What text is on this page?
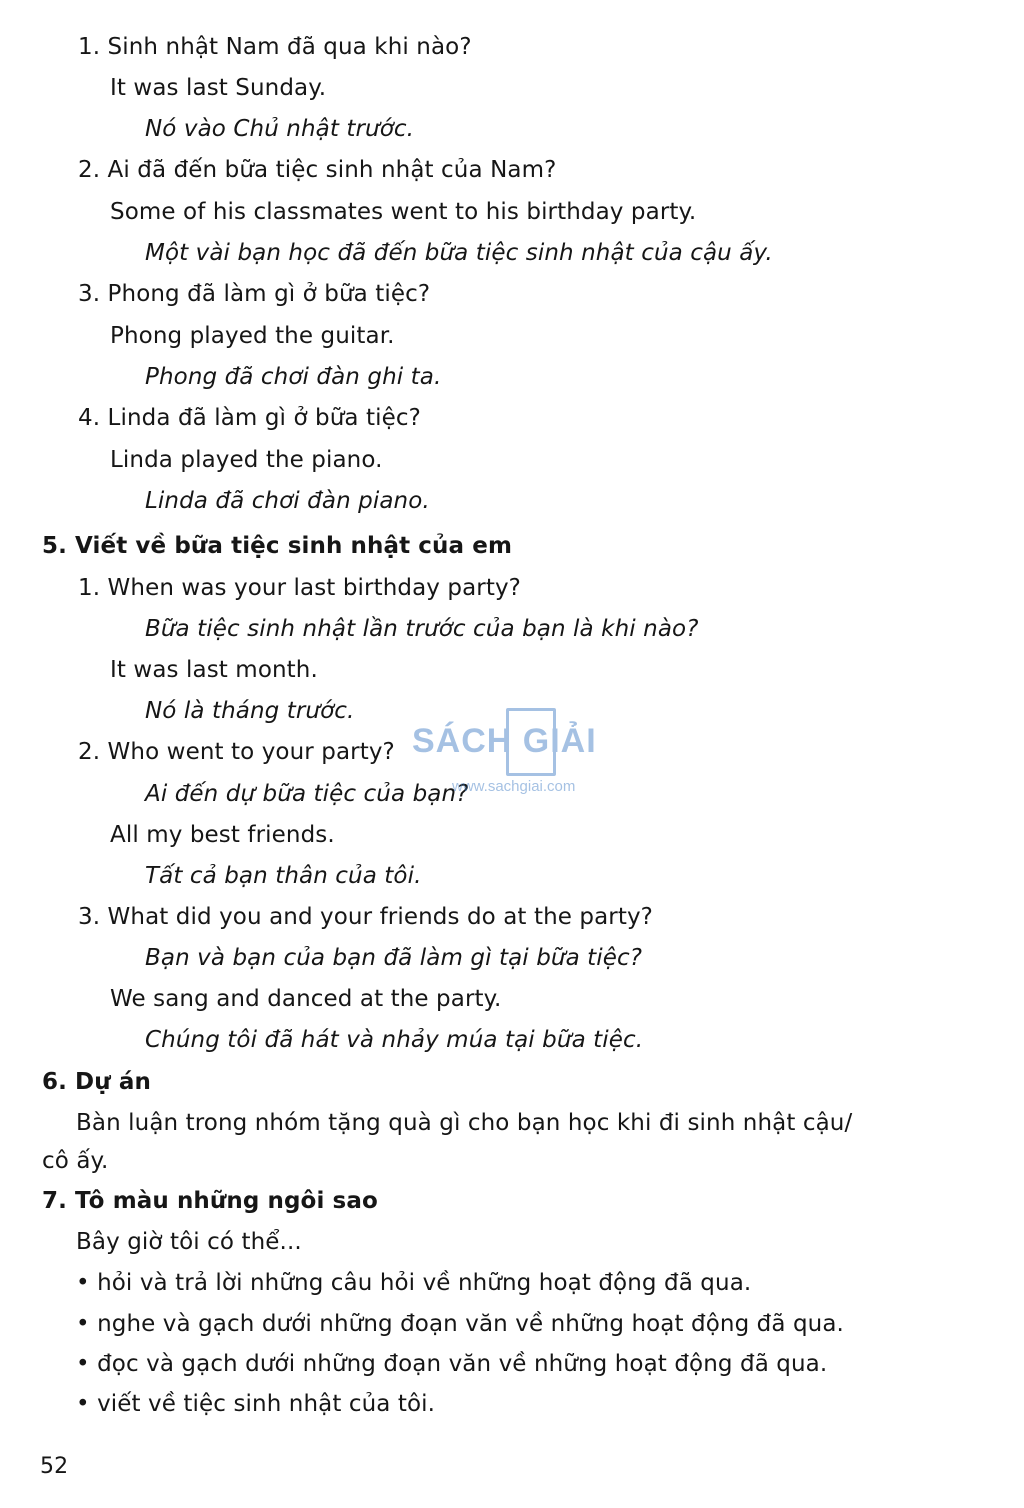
1. Sinh nhật Nam đã qua khi nào?
It was last Sunday.
Nó vào Chủ nhật trước.
2. Ai đã đến bữa tiệc sinh nhật của Nam?
Some of his classmates went to his birthday party.
Một vài bạn học đã đến bữa tiệc sinh nhật của cậu ấy.
3. Phong đã làm gì ở bữa tiệc?
Phong played the guitar.
Phong đã chơi đàn ghi ta.
4. Linda đã làm gì ở bữa tiệc?
Linda played the piano.
Linda đã chơi đàn piano.
5. Viết về bữa tiệc sinh nhật của em
1. When was your last birthday party?
Bữa tiệc sinh nhật lần trước của bạn là khi nào?
It was last month.
Nó là tháng trước.
2. Who went to your party?
Ai đến dự bữa tiệc của bạn?
All my best friends.
Tất cả bạn thân của tôi.
3. What did you and your friends do at the party?
Bạn và bạn của bạn đã làm gì tại bữa tiệc?
We sang and danced at the party.
Chúng tôi đã hát và nhảy múa tại bữa tiệc.
6. Dự án
Bàn luận trong nhóm tặng quà gì cho bạn học khi đi sinh nhật cậu/
cô ấy.
7. Tô màu những ngôi sao
Bây giờ tôi có thể...
• hỏi và trả lời những câu hỏi về những hoạt động đã qua.
• nghe và gạch dưới những đoạn văn về những hoạt động đã qua.
• đọc và gạch dưới những đoạn văn về những hoạt động đã qua.
• viết về tiệc sinh nhật của tôi.
52
SÁCH GIẢI
www.sachgiai.com
